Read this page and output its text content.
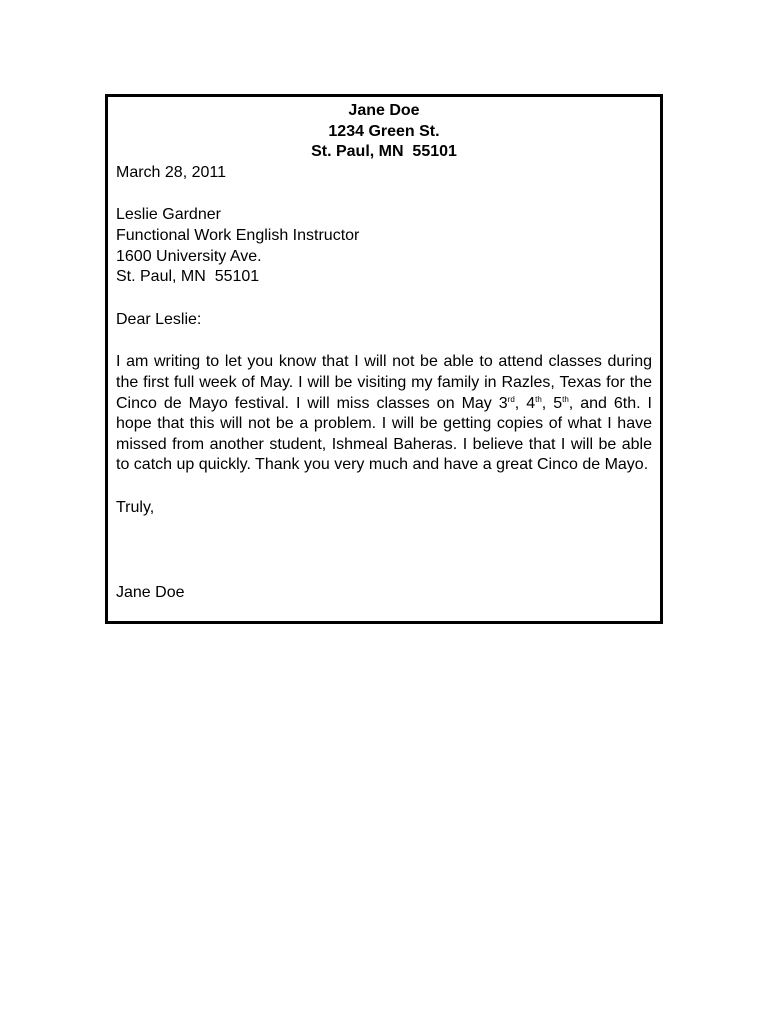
Jane Doe
1234 Green St.
St. Paul, MN  55101
March 28, 2011
Leslie Gardner
Functional Work English Instructor
1600 University Ave.
St. Paul, MN  55101
Dear Leslie:
I am writing to let you know that I will not be able to attend classes during the first full week of May. I will be visiting my family in Razles, Texas for the Cinco de Mayo festival. I will miss classes on May 3rd, 4th, 5th, and 6th. I hope that this will not be a problem. I will be getting copies of what I have missed from another student, Ishmeal Baheras. I believe that I will be able to catch up quickly. Thank you very much and have a great Cinco de Mayo.
Truly,
Jane Doe
